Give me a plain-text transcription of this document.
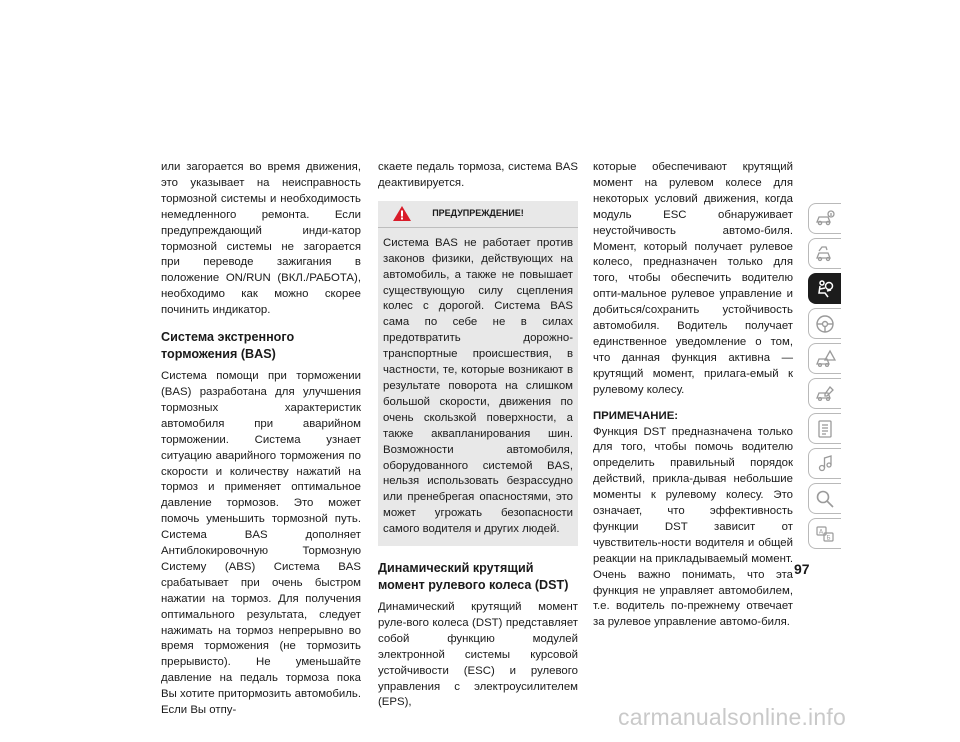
или загорается во время движения, это указывает на неисправность тормозной системы и необходимость немедленного ремонта. Если предупреждающий инди-катор тормозной системы не загорается при переводе зажигания в положение ON/RUN (ВКЛ./РАБОТА), необходимо как можно скорее починить индикатор.

Система экстренного торможения (BAS)

Система помощи при торможении (BAS) разработана для улучшения тормозных характеристик автомобиля при аварийном торможении. Система узнает ситуацию аварийного торможения по скорости и количеству нажатий на тормоз и применяет оптимальное давление тормозов. Это может помочь уменьшить тормозной путь. Система BAS дополняет Антиблокировочную Тормозную Систему (ABS) Система BAS срабатывает при очень быстром нажатии на тормоз. Для получения оптимального результата, следует нажимать на тормоз непрерывно во время торможения (не тормозить прерывисто). Не уменьшайте давление на педаль тормоза пока Вы хотите притормозить автомобиль. Если Вы отпу-

скаете педаль тормоза, система BAS деактивируется.

ПРЕДУПРЕЖДЕНИЕ!
Система BAS не работает против законов физики, действующих на автомобиль, а также не повышает существующую силу сцепления колес с дорогой. Система BAS сама по себе не в силах предотвратить дорожно-транспортные происшествия, в частности, те, которые возникают в результате поворота на слишком большой скорости, движения по очень скользкой поверхности, а также аквапланирования шин. Возможности автомобиля, оборудованного системой BAS, нельзя использовать безрассудно или пренебрегая опасностями, это может угрожать безопасности самого водителя и других людей.
Динамический крутящий момент рулевого колеса (DST)

Динамический крутящий момент руле-вого колеса (DST) представляет собой функцию модулей электронной системы курсовой устойчивости (ESC) и рулевого управления с электроусилителем (EPS),

которые обеспечивают крутящий момент на рулевом колесе для некоторых условий движения, когда модуль ESC обнаруживает неустойчивость автомо-биля. Момент, который получает рулевое колесо, предназначен только для того, чтобы обеспечить водителю опти-мальное рулевое управление и добиться/сохранить устойчивость автомобиля. Водитель получает единственное уведомление о том, что данная функция активна — крутящий момент, прилага-емый к рулевому колесу.

ПРИМЕЧАНИЕ:

Функция DST предназначена только для того, чтобы помочь водителю определить правильный порядок действий, прикла-дывая небольшие моменты к рулевому колесу. Это означает, что эффективность функции DST зависит от чувствитель-ности водителя и общей реакции на прикладываемый момент. Очень важно понимать, что эта функция не управляет автомобилем, т.е. водитель по-прежнему отвечает за рулевое управление автомо-биля.

A
Б
97
carmanualsonline.info
